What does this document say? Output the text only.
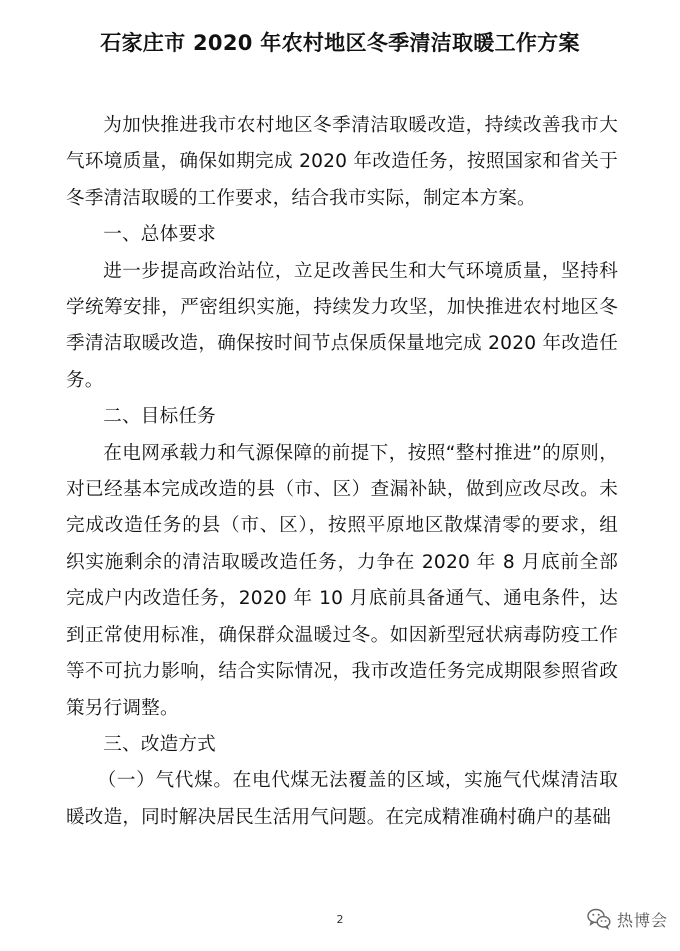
石家庄市 2020 年农村地区冬季清洁取暖工作方案

为加快推进我市农村地区冬季清洁取暖改造，持续改善我市大气环境质量，确保如期完成 2020 年改造任务，按照国家和省关于冬季清洁取暖的工作要求，结合我市实际，制定本方案。

一、总体要求

进一步提高政治站位，立足改善民生和大气环境质量，坚持科学统筹安排，严密组织实施，持续发力攻坚，加快推进农村地区冬季清洁取暖改造，确保按时间节点保质保量地完成 2020 年改造任务。

二、目标任务

在电网承载力和气源保障的前提下，按照“整村推进”的原则，对已经基本完成改造的县（市、区）查漏补缺，做到应改尽改。未完成改造任务的县（市、区），按照平原地区散煤清零的要求，组织实施剩余的清洁取暖改造任务，力争在 2020 年 8 月底前全部完成户内改造任务，2020 年 10 月底前具备通气、通电条件，达到正常使用标准，确保群众温暖过冬。如因新型冠状病毒防疫工作等不可抗力影响，结合实际情况，我市改造任务完成期限参照省政策另行调整。

三、改造方式

（一）气代煤。在电代煤无法覆盖的区域，实施气代煤清洁取暖改造，同时解决居民生活用气问题。在完成精准确村确户的基础

2	热博会
